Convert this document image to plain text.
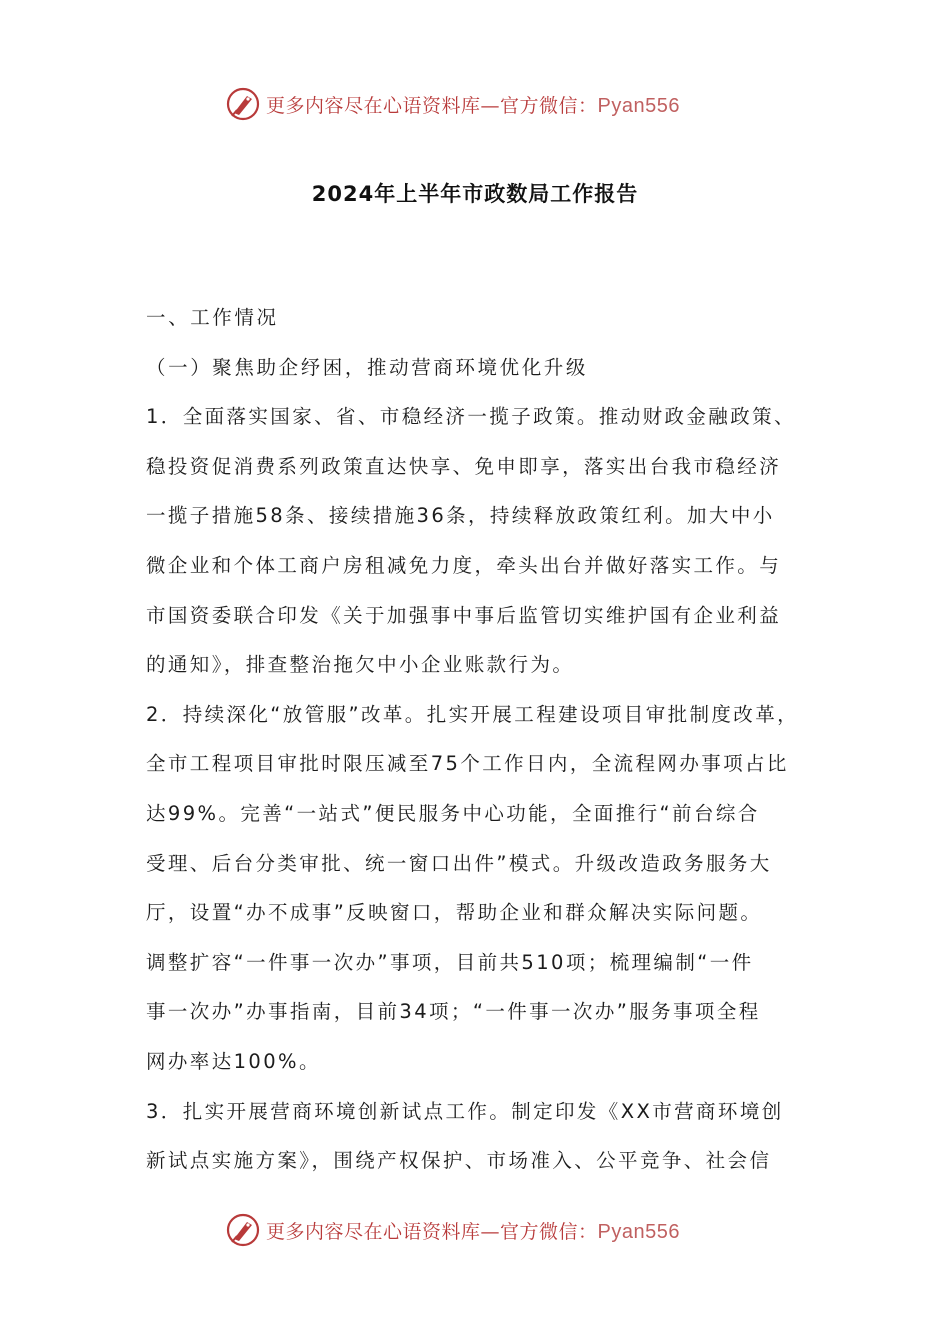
更多内容尽在心语资料库—官方微信：Pyan556
2024年上半年市政数局工作报告
一、工作情况
（一）聚焦助企纾困，推动营商环境优化升级
1．全面落实国家、省、市稳经济一揽子政策。推动财政金融政策、
稳投资促消费系列政策直达快享、免申即享，落实出台我市稳经济
一揽子措施58条、接续措施36条，持续释放政策红利。加大中小
微企业和个体工商户房租减免力度，牵头出台并做好落实工作。与
市国资委联合印发《关于加强事中事后监管切实维护国有企业利益
的通知》，排查整治拖欠中小企业账款行为。
2．持续深化“放管服”改革。扎实开展工程建设项目审批制度改革，
全市工程项目审批时限压减至75个工作日内，全流程网办事项占比
达99%。完善“一站式”便民服务中心功能，全面推行“前台综合
受理、后台分类审批、统一窗口出件”模式。升级改造政务服务大
厅，设置“办不成事”反映窗口，帮助企业和群众解决实际问题。
调整扩容“一件事一次办”事项，目前共510项；梳理编制“一件
事一次办”办事指南，目前34项；“一件事一次办”服务事项全程
网办率达100%。
3．扎实开展营商环境创新试点工作。制定印发《XX市营商环境创
新试点实施方案》，围绕产权保护、市场准入、公平竞争、社会信
更多内容尽在心语资料库—官方微信：Pyan556
